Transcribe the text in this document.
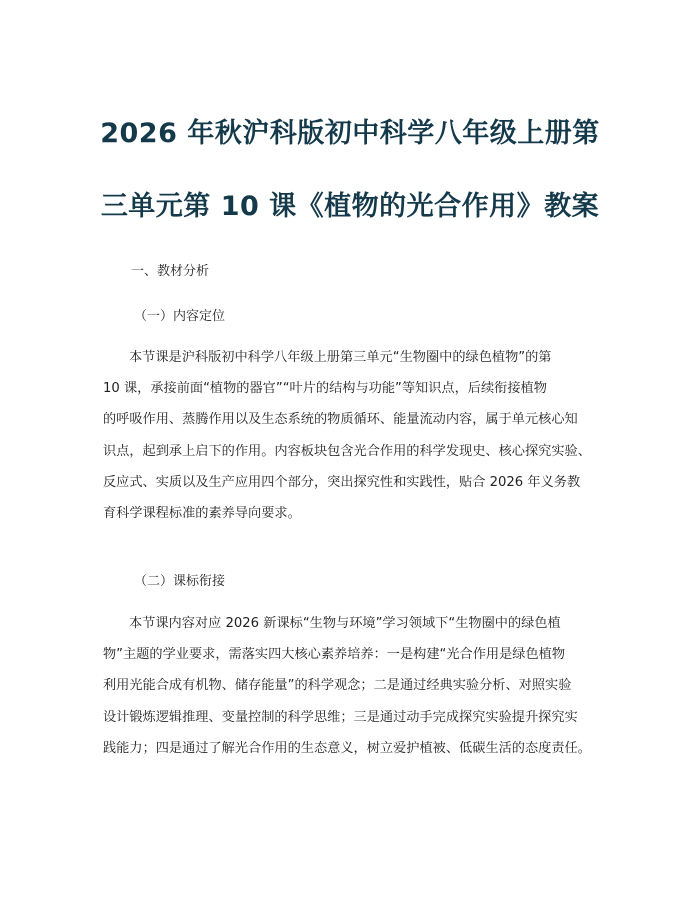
2026 年秋沪科版初中科学八年级上册第
三单元第 10 课《植物的光合作用》教案
一、教材分析
（一）内容定位
本节课是沪科版初中科学八年级上册第三单元“生物圈中的绿色植物”的第
10 课，承接前面“植物的器官”“叶片的结构与功能”等知识点，后续衔接植物
的呼吸作用、蒸腾作用以及生态系统的物质循环、能量流动内容，属于单元核心知
识点，起到承上启下的作用。内容板块包含光合作用的科学发现史、核心探究实验、
反应式、实质以及生产应用四个部分，突出探究性和实践性，贴合 2026 年义务教
育科学课程标准的素养导向要求。
（二）课标衔接
本节课内容对应 2026 新课标“生物与环境”学习领域下“生物圈中的绿色植
物”主题的学业要求，需落实四大核心素养培养：一是构建“光合作用是绿色植物
利用光能合成有机物、储存能量”的科学观念；二是通过经典实验分析、对照实验
设计锻炼逻辑推理、变量控制的科学思维；三是通过动手完成探究实验提升探究实
践能力；四是通过了解光合作用的生态意义，树立爱护植被、低碳生活的态度责任。
